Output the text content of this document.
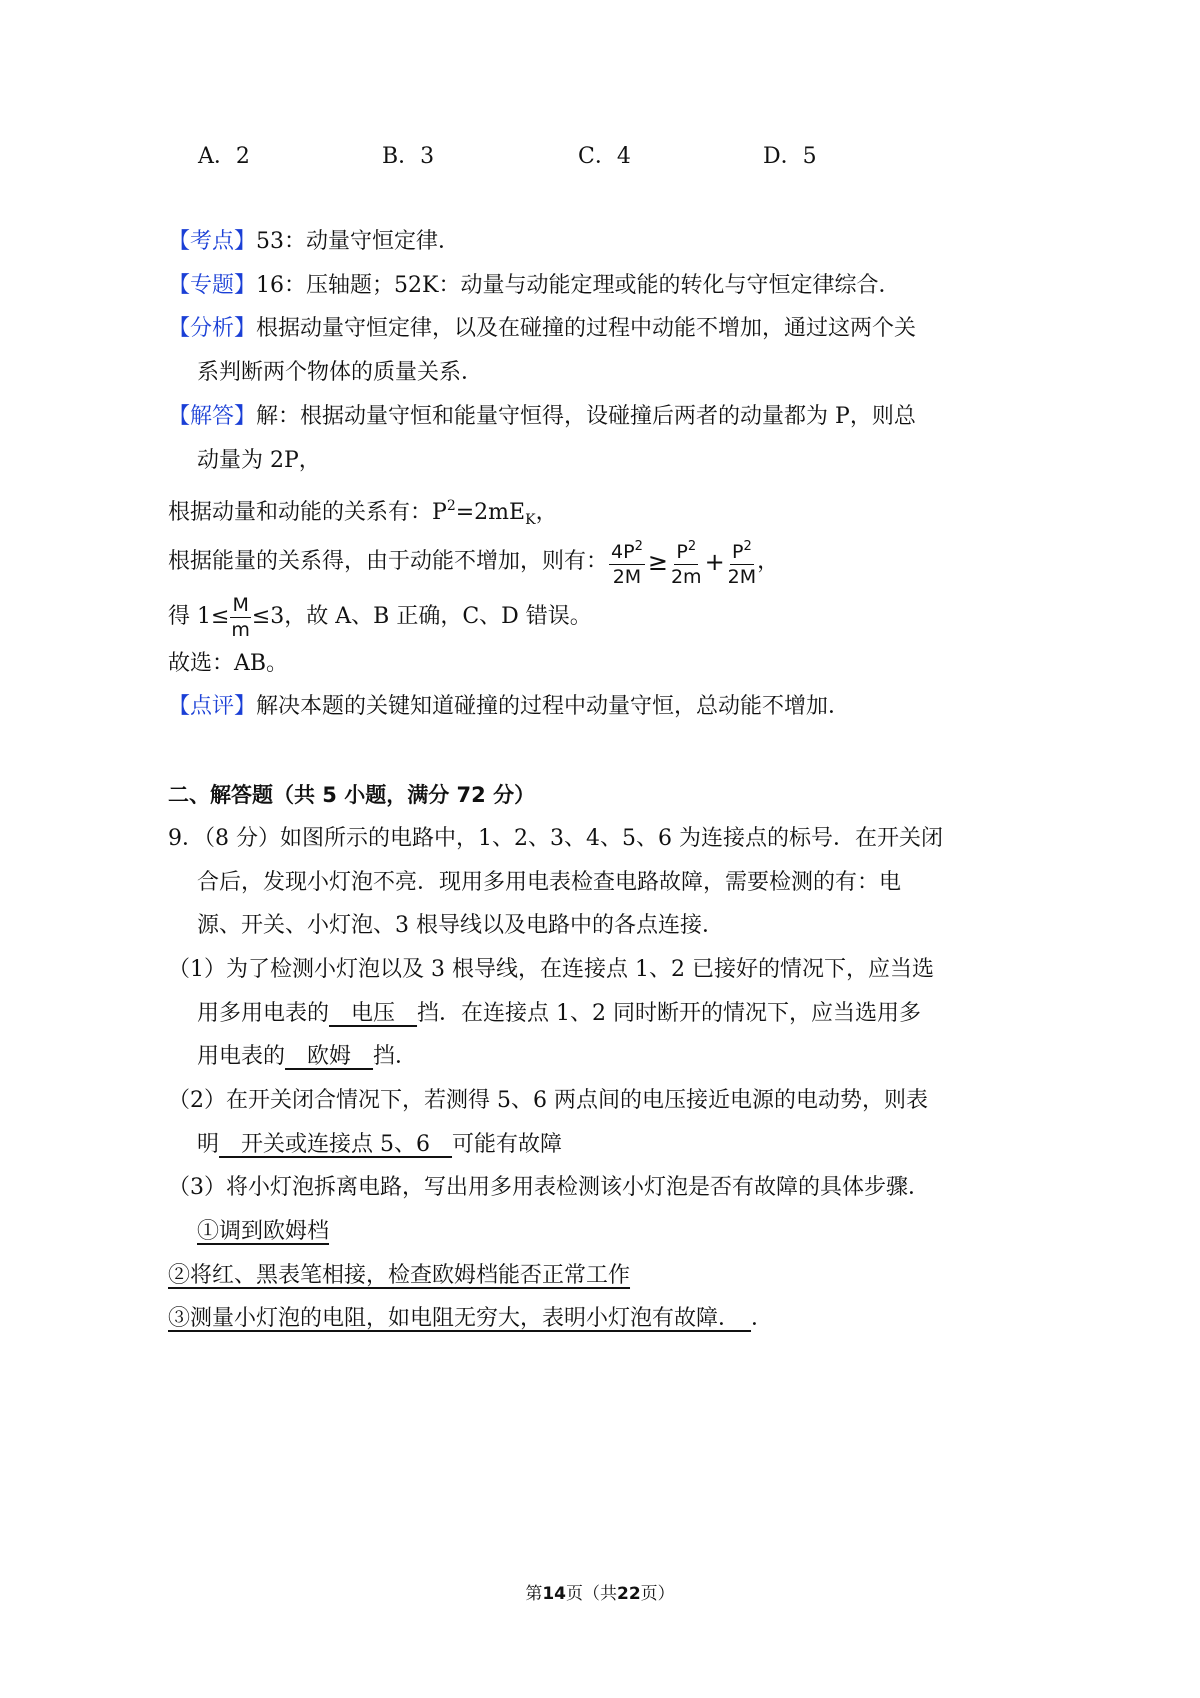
A．2	B．3	C．4	D．5
【考点】53：动量守恒定律．
【专题】16：压轴题；52K：动量与动能定理或能的转化与守恒定律综合．
【分析】根据动量守恒定律，以及在碰撞的过程中动能不增加，通过这两个关
系判断两个物体的质量关系．
【解答】解：根据动量守恒和能量守恒得，设碰撞后两者的动量都为 P，则总
动量为 2P，
根据动量和动能的关系有：$P^2=2mE_K$，
根据能量的关系得，由于动能不增加，则有： $\frac{4P^2}{2M} \ge \frac{P^2}{2m} + \frac{P^2}{2M}$ ，
得 $1\le \frac{M}{m} \le 3$，故 A、B 正确，C、D 错误。
故选：AB。
【点评】解决本题的关键知道碰撞的过程中动量守恒，总动能不增加．
二、解答题（共 5 小题，满分 72 分）
9．（8 分）如图所示的电路中，1、2、3、4、5、6 为连接点的标号．在开关闭
合后，发现小灯泡不亮．现用多用电表检查电路故障，需要检测的有：电
源、开关、小灯泡、3 根导线以及电路中的各点连接．
（1）为了检测小灯泡以及 3 根导线，在连接点 1、2 已接好的情况下，应当选
用多用电表的　电压　挡．在连接点 1、2 同时断开的情况下，应当选用多
用电表的　欧姆　挡．
（2）在开关闭合情况下，若测得 5、6 两点间的电压接近电源的电动势，则表
明　开关或连接点 5、6　可能有故障
（3）将小灯泡拆离电路，写出用多用表检测该小灯泡是否有故障的具体步骤．
①调到欧姆档
②将红、黑表笔相接，检查欧姆档能否正常工作
③测量小灯泡的电阻，如电阻无穷大，表明小灯泡有故障．　．
第14页（共22页）
